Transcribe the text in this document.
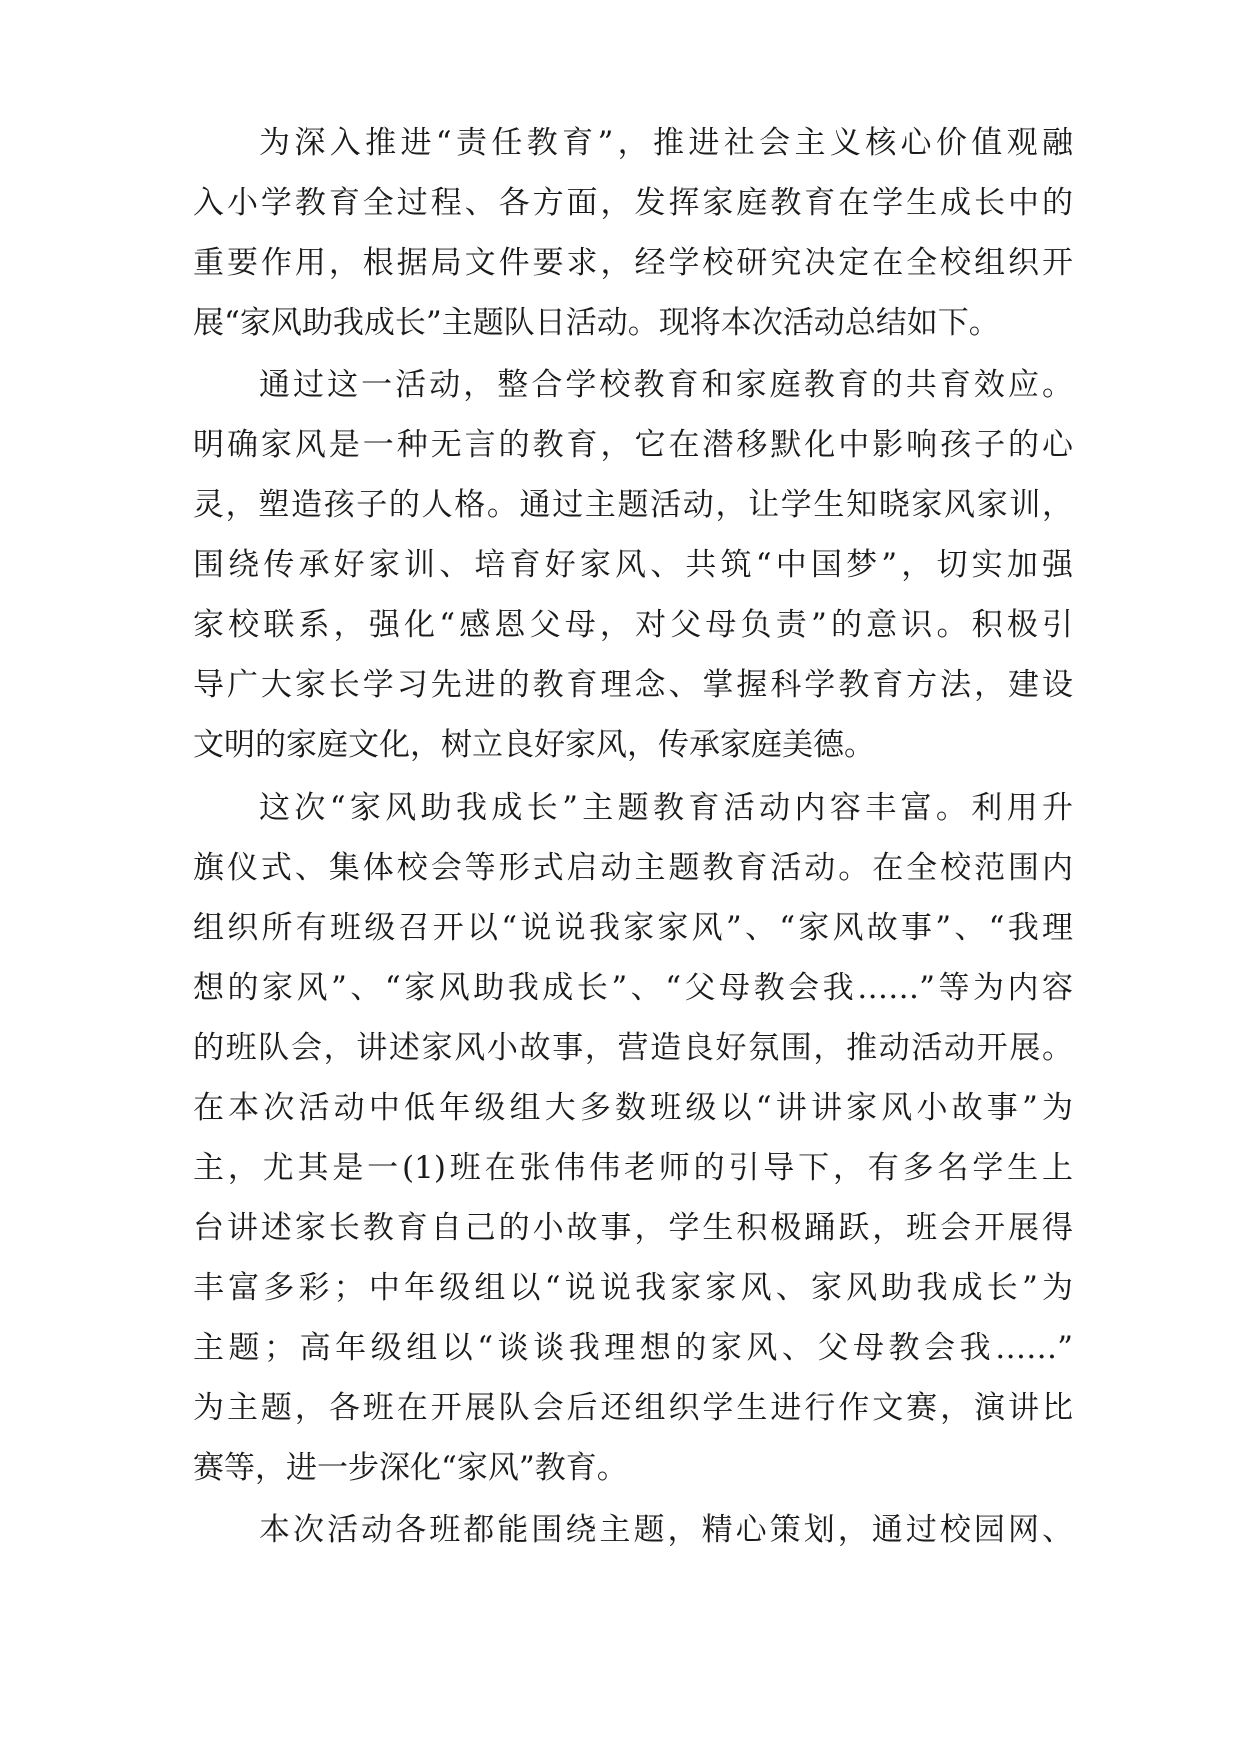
为深入推进“责任教育”，推进社会主义核心价值观融
入小学教育全过程、各方面，发挥家庭教育在学生成长中的
重要作用，根据局文件要求，经学校研究决定在全校组织开
展“家风助我成长”主题队日活动。现将本次活动总结如下。
通过这一活动，整合学校教育和家庭教育的共育效应。
明确家风是一种无言的教育，它在潜移默化中影响孩子的心
灵，塑造孩子的人格。通过主题活动，让学生知晓家风家训，
围绕传承好家训、培育好家风、共筑“中国梦”，切实加强
家校联系，强化“感恩父母，对父母负责”的意识。积极引
导广大家长学习先进的教育理念、掌握科学教育方法，建设
文明的家庭文化，树立良好家风，传承家庭美德。
这次“家风助我成长”主题教育活动内容丰富。利用升
旗仪式、集体校会等形式启动主题教育活动。在全校范围内
组织所有班级召开以“说说我家家风”、“家风故事”、“我理
想的家风”、“家风助我成长”、“父母教会我……”等为内容
的班队会，讲述家风小故事，营造良好氛围，推动活动开展。
在本次活动中低年级组大多数班级以“讲讲家风小故事”为
主，尤其是一(1)班在张伟伟老师的引导下，有多名学生上
台讲述家长教育自己的小故事，学生积极踊跃，班会开展得
丰富多彩；中年级组以“说说我家家风、家风助我成长”为
主题；高年级组以“谈谈我理想的家风、父母教会我……”
为主题，各班在开展队会后还组织学生进行作文赛，演讲比
赛等，进一步深化“家风”教育。
本次活动各班都能围绕主题，精心策划，通过校园网、
